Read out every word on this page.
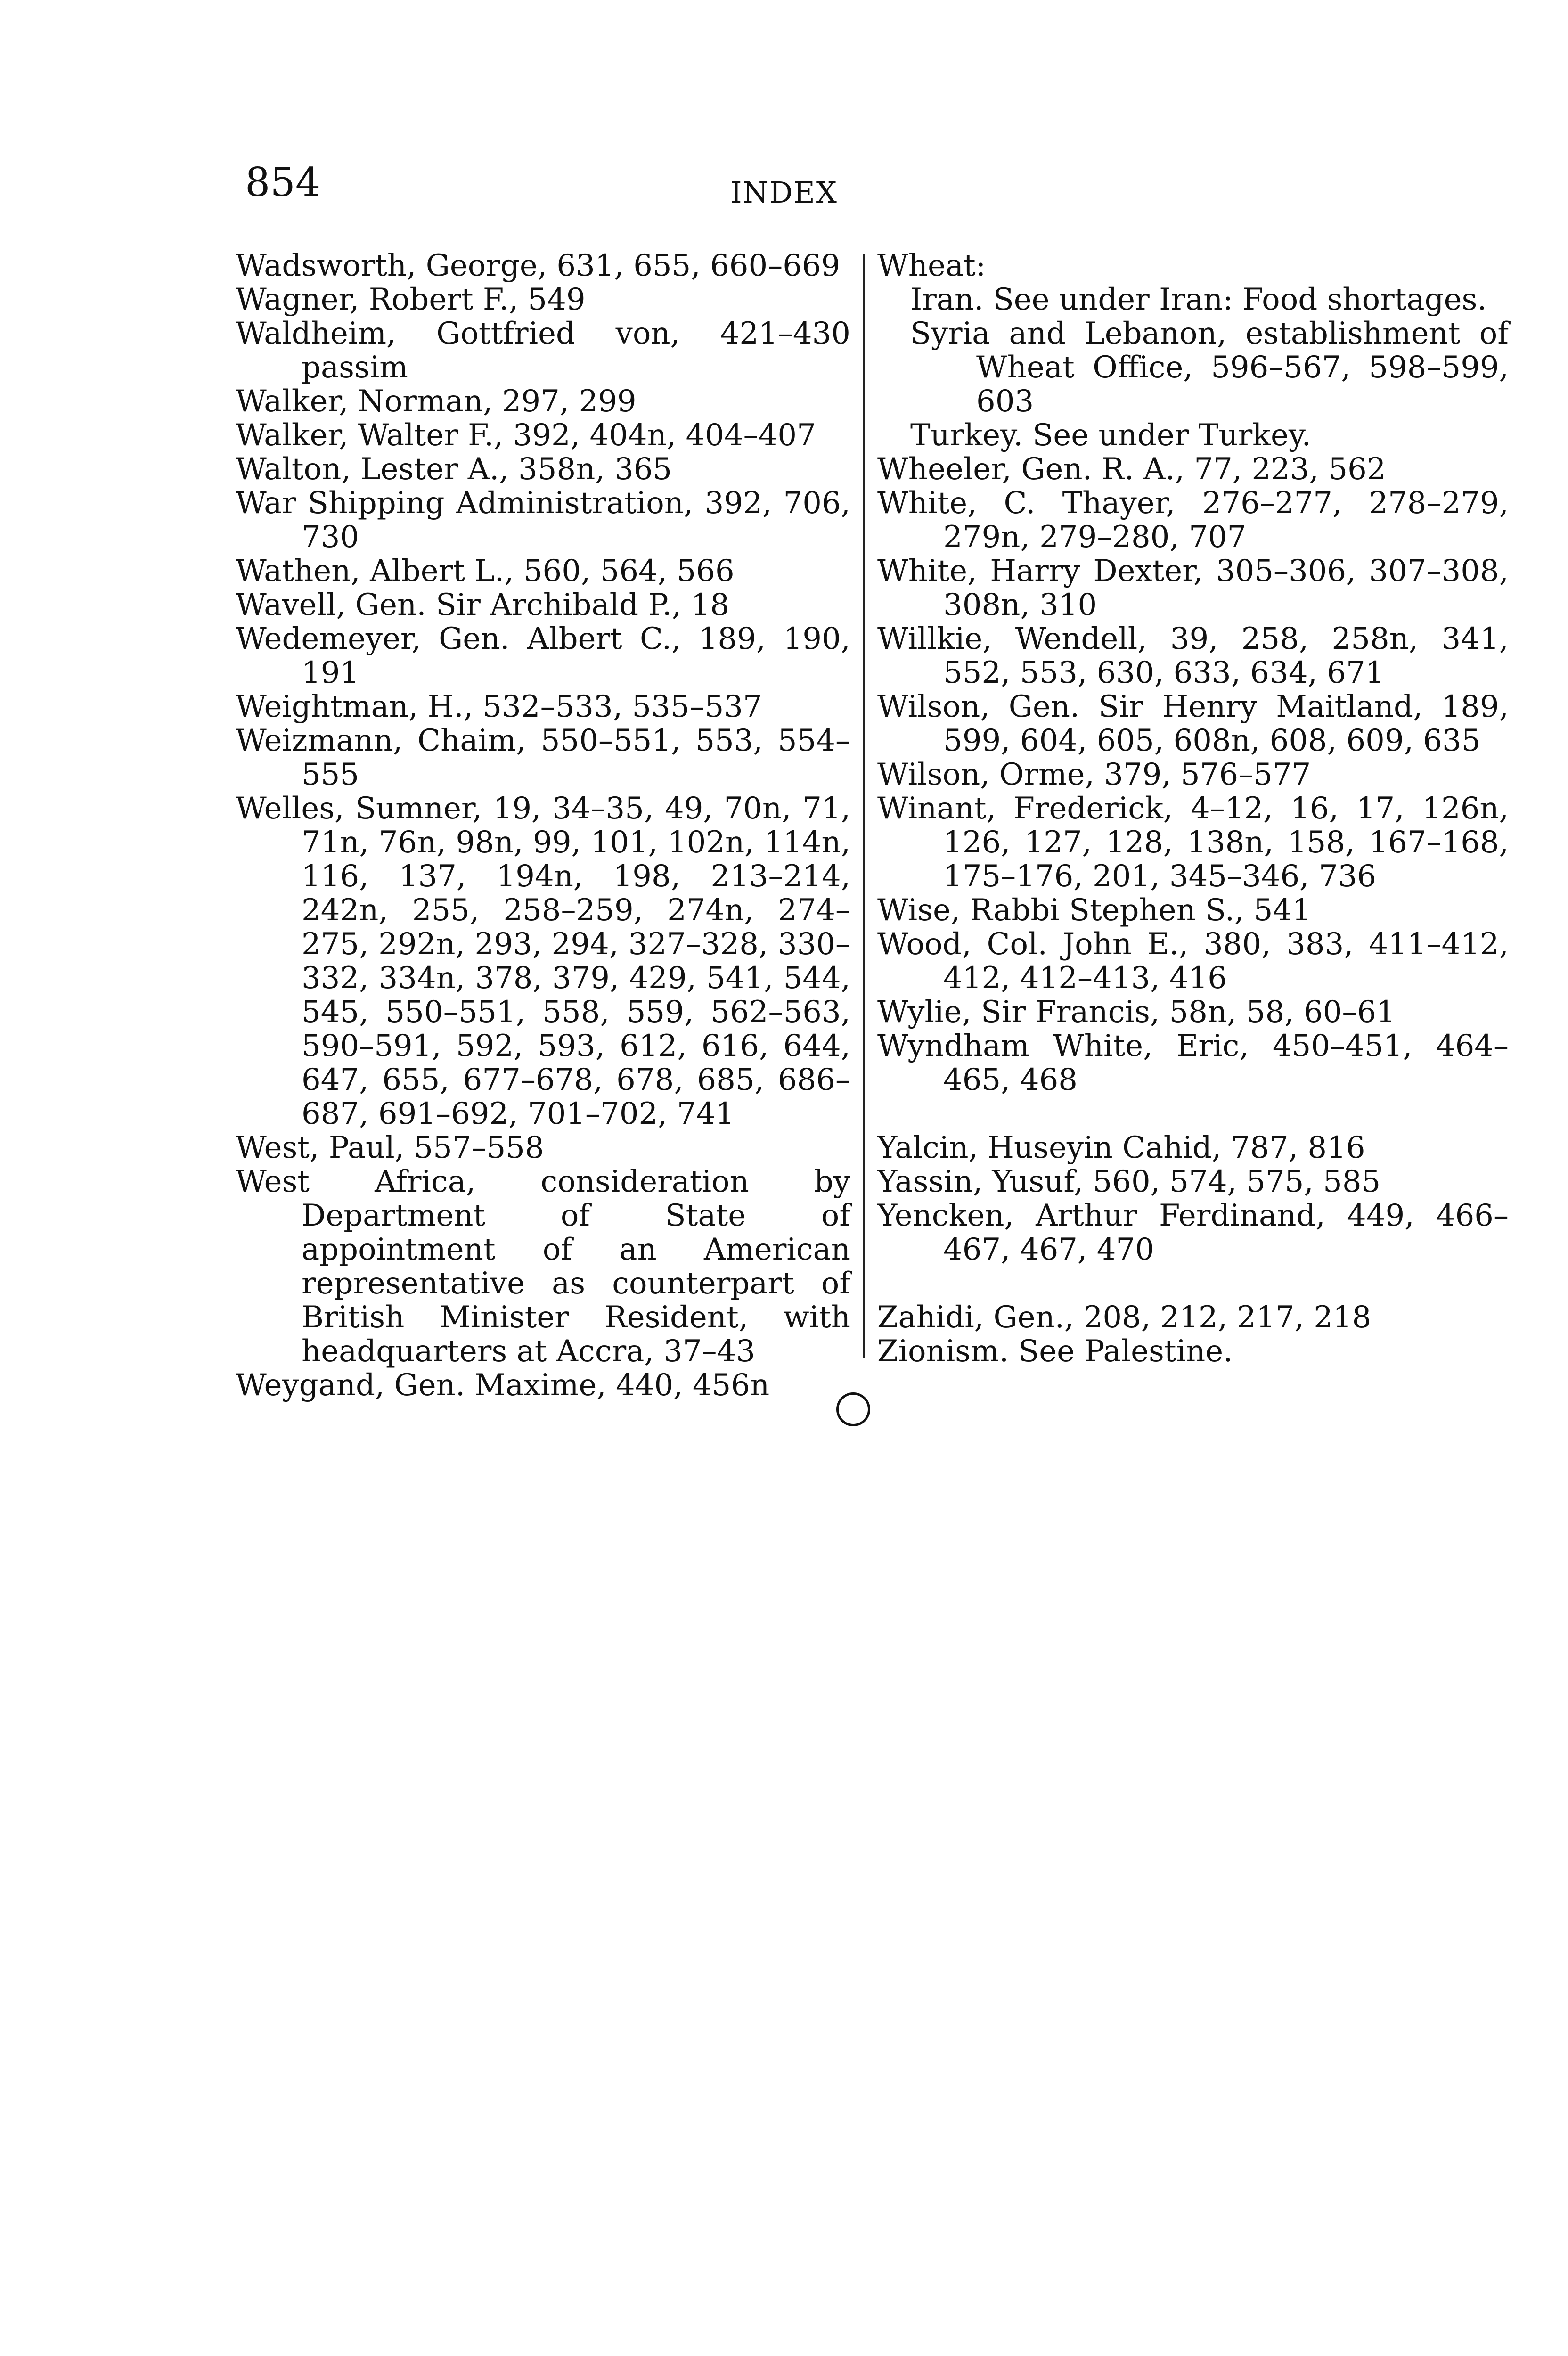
854	INDEX

Wadsworth, George, 631, 655, 660–669

Wagner, Robert F., 549

Waldheim, Gottfried von, 421–430 passim

Walker, Norman, 297, 299

Walker, Walter F., 392, 404n, 404–407

Walton, Lester A., 358n, 365

War Shipping Administration, 392, 706, 730

Wathen, Albert L., 560, 564, 566

Wavell, Gen. Sir Archibald P., 18

Wedemeyer, Gen. Albert C., 189, 190, 191

Weightman, H., 532–533, 535–537

Weizmann, Chaim, 550–551, 553, 554–555

Welles, Sumner, 19, 34–35, 49, 70n, 71, 71n, 76n, 98n, 99, 101, 102n, 114n, 116, 137, 194n, 198, 213–214, 242n, 255, 258–259, 274n, 274–275, 292n, 293, 294, 327–328, 330–332, 334n, 378, 379, 429, 541, 544, 545, 550–551, 558, 559, 562–563, 590–591, 592, 593, 612, 616, 644, 647, 655, 677–678, 678, 685, 686–687, 691–692, 701–702, 741

West, Paul, 557–558

West Africa, consideration by Department of State of appointment of an American representative as counterpart of British Minister Resident, with headquarters at Accra, 37–43

Weygand, Gen. Maxime, 440, 456n

Wheat:

Iran. See under Iran: Food shortages.

Syria and Lebanon, establishment of Wheat Office, 596–567, 598–599, 603

Turkey. See under Turkey.

Wheeler, Gen. R. A., 77, 223, 562

White, C. Thayer, 276–277, 278–279, 279n, 279–280, 707

White, Harry Dexter, 305–306, 307–308, 308n, 310

Willkie, Wendell, 39, 258, 258n, 341, 552, 553, 630, 633, 634, 671

Wilson, Gen. Sir Henry Maitland, 189, 599, 604, 605, 608n, 608, 609, 635

Wilson, Orme, 379, 576–577

Winant, Frederick, 4–12, 16, 17, 126n, 126, 127, 128, 138n, 158, 167–168, 175–176, 201, 345–346, 736

Wise, Rabbi Stephen S., 541

Wood, Col. John E., 380, 383, 411–412, 412, 412–413, 416

Wylie, Sir Francis, 58n, 58, 60–61

Wyndham White, Eric, 450–451, 464–465, 468

Yalcin, Huseyin Cahid, 787, 816

Yassin, Yusuf, 560, 574, 575, 585

Yencken, Arthur Ferdinand, 449, 466–467, 467, 470

Zahidi, Gen., 208, 212, 217, 218

Zionism. See Palestine.
